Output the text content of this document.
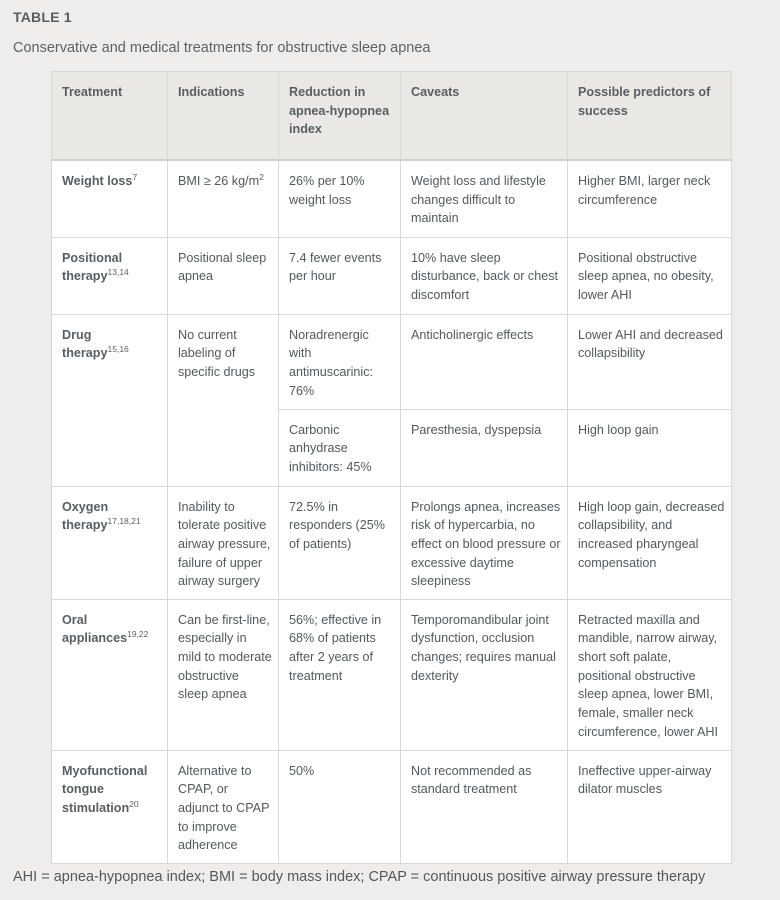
TABLE 1
Conservative and medical treatments for obstructive sleep apnea
Treatment	Indications	Reduction in apnea-hypopnea index	Caveats	Possible predictors of success
Weight loss$^7$	BMI ≥ 26 $kg/m^2$	26% per 10% weight loss	Weight loss and lifestyle changes difficult to maintain	Higher BMI, larger neck circumference
Positional therapy$^{13,14}$	Positional sleep apnea	7.4 fewer events per hour	10% have sleep disturbance, back or chest discomfort	Positional obstructive sleep apnea, no obesity, lower AHI
Drug therapy$^{15,16}$	No current labeling of specific drugs	Noradrenergic with antimuscarinic: 76%	Anticholinergic effects	Lower AHI and decreased collapsibility
		Carbonic anhydrase inhibitors: 45%	Paresthesia, dyspepsia	High loop gain
Oxygen therapy$^{17,18,21}$	Inability to tolerate positive airway pressure, failure of upper airway surgery	72.5% in responders (25% of patients)	Prolongs apnea, increases risk of hypercarbia, no effect on blood pressure or excessive daytime sleepiness	High loop gain, decreased collapsibility, and increased pharyngeal compensation
Oral appliances$^{19,22}$	Can be first-line, especially in mild to moderate obstructive sleep apnea	56%; effective in 68% of patients after 2 years of treatment	Temporomandibular joint dysfunction, occlusion changes; requires manual dexterity	Retracted maxilla and mandible, narrow airway, short soft palate, positional obstructive sleep apnea, lower BMI, female, smaller neck circumference, lower AHI
Myofunctional tongue stimulation$^{20}$	Alternative to CPAP, or adjunct to CPAP to improve adherence	50%	Not recommended as standard treatment	Ineffective upper-airway dilator muscles
AHI = apnea-hypopnea index; BMI = body mass index; CPAP = continuous positive airway pressure therapy
